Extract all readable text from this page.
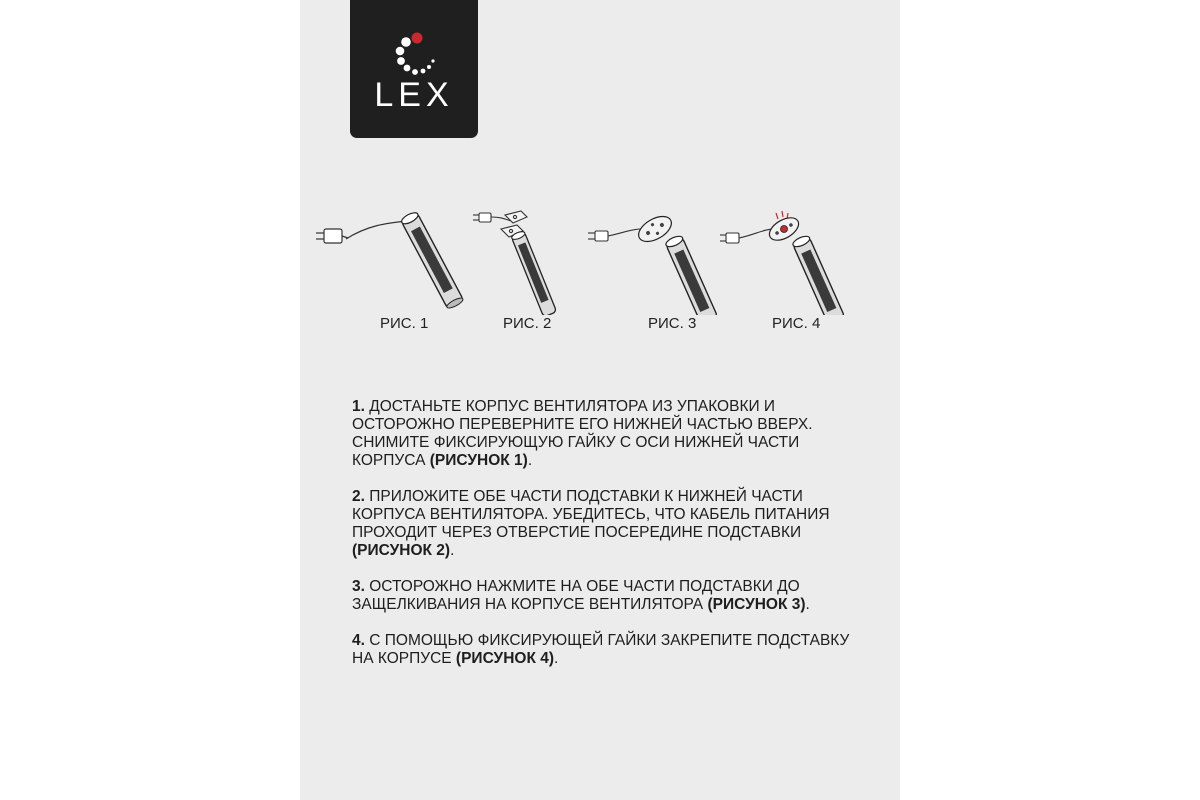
LEX
РИС. 1	РИС. 2	РИС. 3	РИС. 4

1. ДОСТАНЬТЕ КОРПУС ВЕНТИЛЯТОРА ИЗ УПАКОВКИ И ОСТОРОЖНО ПЕРЕВЕРНИТЕ ЕГО НИЖНЕЙ ЧАСТЬЮ ВВЕРХ. СНИМИТЕ ФИКСИРУЮЩУЮ ГАЙКУ С ОСИ НИЖНЕЙ ЧАСТИ КОРПУСА (РИСУНОК 1).

2. ПРИЛОЖИТЕ ОБЕ ЧАСТИ ПОДСТАВКИ К НИЖНЕЙ ЧАСТИ КОРПУСА ВЕНТИЛЯТОРА. УБЕДИТЕСЬ, ЧТО КАБЕЛЬ ПИТАНИЯ ПРОХОДИТ ЧЕРЕЗ ОТВЕРСТИЕ ПОСЕРЕДИНЕ ПОДСТАВКИ (РИСУНОК 2).

3. ОСТОРОЖНО НАЖМИТЕ НА ОБЕ ЧАСТИ ПОДСТАВКИ ДО ЗАЩЕЛКИВАНИЯ НА КОРПУСЕ ВЕНТИЛЯТОРА (РИСУНОК 3).

4. С ПОМОЩЬЮ ФИКСИРУЮЩЕЙ ГАЙКИ ЗАКРЕПИТЕ ПОДСТАВКУ НА КОРПУСЕ (РИСУНОК 4).
